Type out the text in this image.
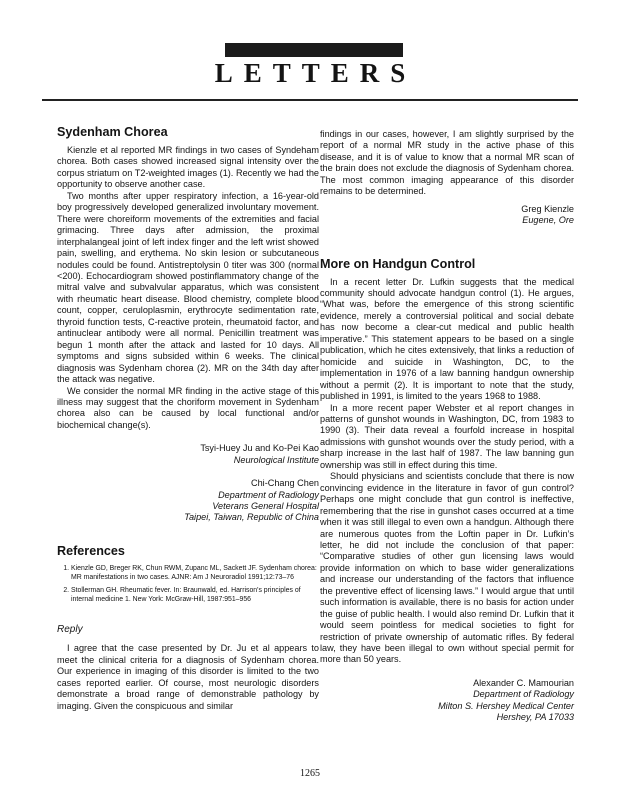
LETTERS
Sydenham Chorea

Kienzle et al reported MR findings in two cases of Syndeham chorea. Both cases showed increased signal intensity over the corpus striatum on T2-weighted images (1). Recently we had the opportunity to observe another case.

Two months after upper respiratory infection, a 16-year-old boy progressively developed generalized involuntary movement. There were choreiform movements of the extremities and facial grimacing. Three days after admission, the proximal interphalangeal joint of left index finger and the left wrist showed pain, swelling, and erythema. No skin lesion or subcutaneous nodules could be found. Antistreptolysin 0 titer was 300 (normal <200). Echocardiogram showed postinflammatory change of the mitral valve and subvalvular apparatus, which was consistent with rheumatic heart disease. Blood chemistry, complete blood count, copper, ceruloplasmin, erythrocyte sedimentation rate, thyroid function tests, C-reactive protein, rheumatoid factor, and antinuclear antibody were all normal. Penicillin treatment was begun 1 month after the attack and lasted for 10 days. All symptoms and signs subsided within 6 weeks. The clinical diagnosis was Sydenham chorea (2). MR on the 34th day after the attack was negative.

We consider the normal MR finding in the active stage of this illness may suggest that the choriform movement in Sydenham chorea also can be caused by local functional and/or biochemical change(s).

Tsyi-Huey Ju and Ko-Pei Kao
Neurological Institute
Chi-Chang Chen
Department of Radiology
Veterans General Hospital
Taipei, Taiwan, Republic of China
References
1. Kienzle GD, Breger RK, Chun RWM, Zupanc ML, Sackett JF. Sydenham chorea: MR manifestations in two cases. AJNR: Am J Neuroradiol 1991;12:73–76
2. Stollerman GH. Rheumatic fever. In: Braunwald, ed. Harrison's principles of internal medicine 1. New York: McGraw-Hill, 1987:951–956
Reply

I agree that the case presented by Dr. Ju et al appears to meet the clinical criteria for a diagnosis of Sydenham chorea. Our experience in imaging of this disorder is limited to the two cases reported earlier. Of course, most neurologic disorders demonstrate a broad range of demonstrable pathology by imaging. Given the conspicuous and similar

findings in our cases, however, I am slightly surprised by the report of a normal MR study in the active phase of this disease, and it is of value to know that a normal MR scan of the brain does not exclude the diagnosis of Sydenham chorea. The most common imaging appearance of this disorder remains to be determined.

Greg Kienzle
Eugene, Ore
More on Handgun Control

In a recent letter Dr. Lufkin suggests that the medical community should advocate handgun control (1). He argues, “What was, before the emergence of this strong scientific evidence, merely a controversial political and social debate has now become a clear-cut medical and public health imperative.” This statement appears to be based on a single publication, which he cites extensively, that links a reduction of homicide and suicide in Washington, DC, to the implementation in 1976 of a law banning handgun ownership without a permit (2). It is important to note that the study, published in 1991, is limited to the years 1968 to 1988.

In a more recent paper Webster et al report changes in patterns of gunshot wounds in Washington, DC, from 1983 to 1990 (3). Their data reveal a fourfold increase in hospital admissions with gunshot wounds over the study period, with a sharp increase in the last half of 1987. The law banning gun ownership was still in effect during this time.

Should physicians and scientists conclude that there is now convincing evidence in the literature in favor of gun control? Perhaps one might conclude that gun control is ineffective, remembering that the rise in gunshot cases occurred at a time when it was still illegal to even own a handgun. Although there are numerous quotes from the Loftin paper in Dr. Lufkin’s letter, he did not include the conclusion of that paper: “Comparative studies of other gun licensing laws would provide information on which to base wider generalizations and increase our understanding of the factors that influence the preventive effect of licensing laws.” I would argue that until such information is available, there is no basis for action under the guise of public health. I would also remind Dr. Lufkin that it would seem pointless for medical societies to fight for restriction of private ownership of automatic rifles. By federal law, they have been illegal to own without special permit for more than 50 years.

Alexander C. Mamourian
Department of Radiology
Milton S. Hershey Medical Center
Hershey, PA 17033
1265
